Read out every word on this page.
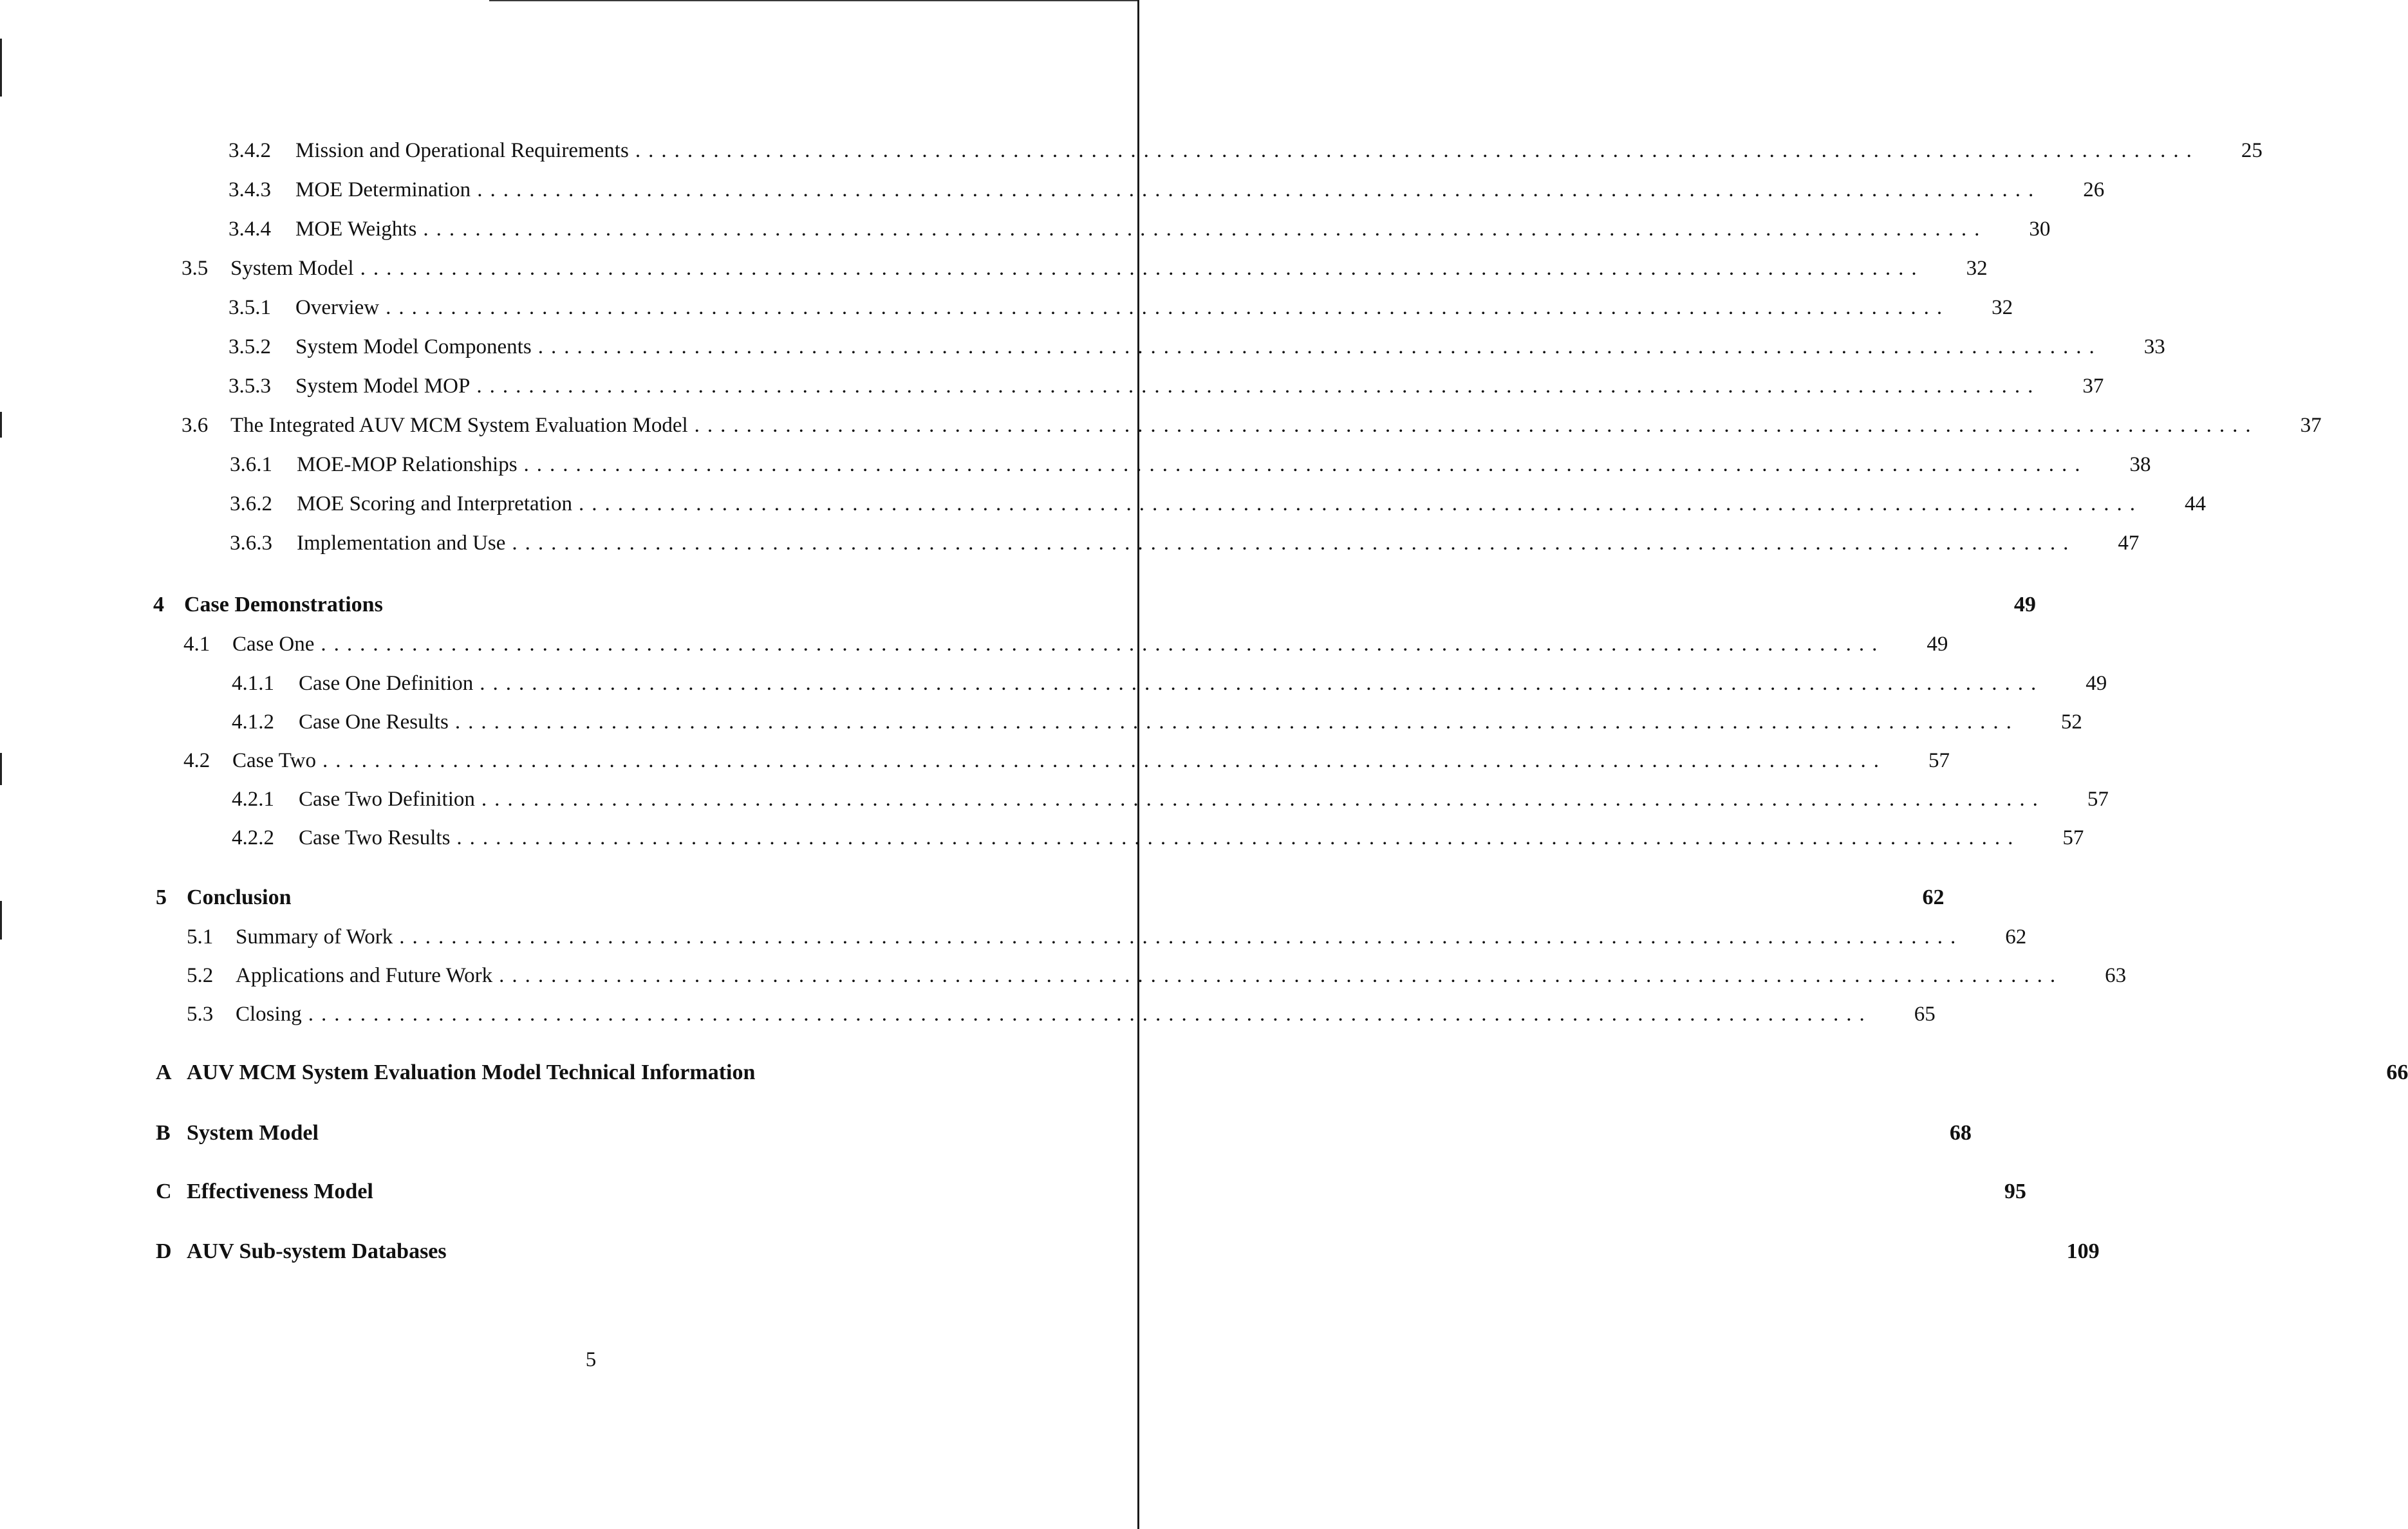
3.4.2	Mission and Operational Requirements ........................................................................................................................	25
3.4.3	MOE Determination ........................................................................................................................	26
3.4.4	MOE Weights ........................................................................................................................	30
3.5	System Model ........................................................................................................................	32
3.5.1	Overview ........................................................................................................................	32
3.5.2	System Model Components ........................................................................................................................	33
3.5.3	System Model MOP ........................................................................................................................	37
3.6	The Integrated AUV MCM System Evaluation Model ........................................................................................................................	37
3.6.1	MOE-MOP Relationships ........................................................................................................................	38
3.6.2	MOE Scoring and Interpretation ........................................................................................................................	44
3.6.3	Implementation and Use ........................................................................................................................	47
4 Case Demonstrations	49
4.1	Case One ........................................................................................................................	49
4.1.1	Case One Definition ........................................................................................................................	49
4.1.2	Case One Results ........................................................................................................................	52
4.2	Case Two ........................................................................................................................	57
4.2.1	Case Two Definition ........................................................................................................................	57
4.2.2	Case Two Results ........................................................................................................................	57
5 Conclusion	62
5.1	Summary of Work ........................................................................................................................	62
5.2	Applications and Future Work ........................................................................................................................	63
5.3	Closing ........................................................................................................................	65
A AUV MCM System Evaluation Model Technical Information	66
B System Model	68
C Effectiveness Model	95
D AUV Sub-system Databases	109
5
